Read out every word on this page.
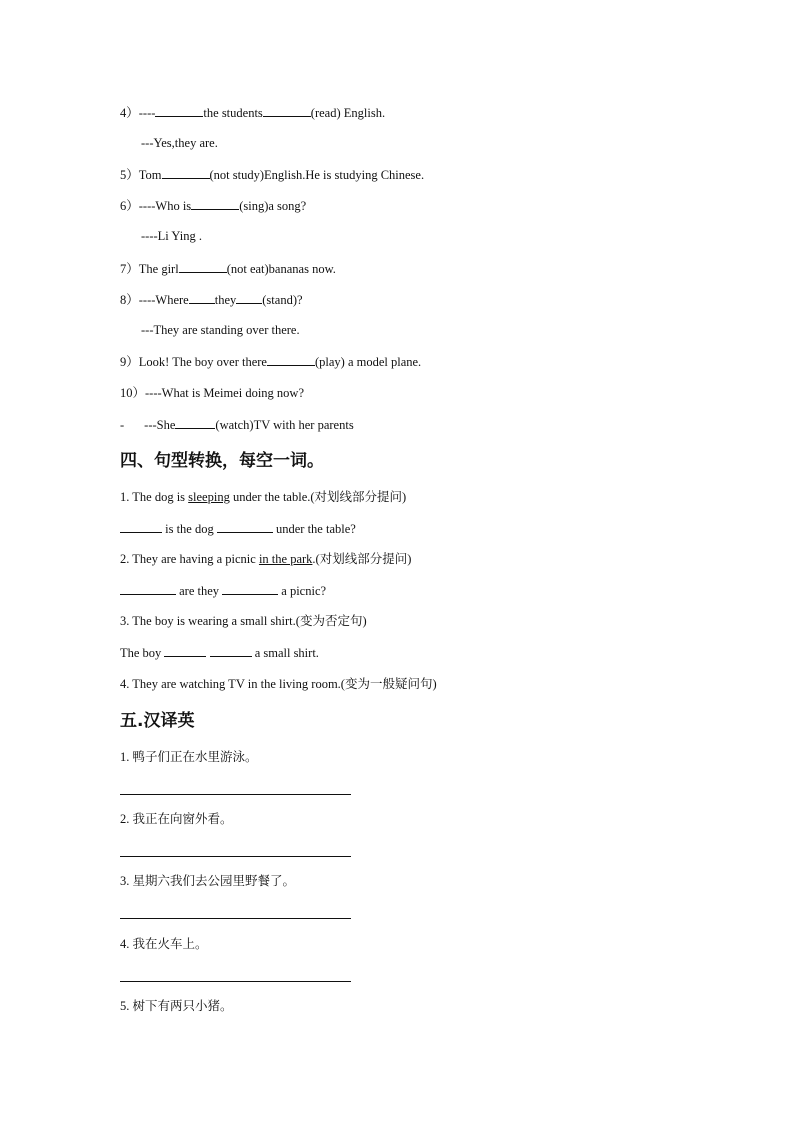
4）----	the students	(read) English.
---Yes,they are.
5）Tom	(not study)English.He is studying Chinese.
6）----Who is	(sing)a song?
----Li Ying .
7）The girl	(not eat)bananas now.
8）----Where they (stand)?
---They are standing over there.
9）Look! The boy over there	(play) a model plane.
10）----What is Meimei doing now?
- ---She	(watch)TV with her parents
四、句型转换，每空一词。
1. The dog is sleeping under the table.(对划线部分提问)
is the dog	under the table?
2. They are having a picnic in the park.(对划线部分提问)
are they	a picnic?
3. The boy is wearing a small shirt.(变为否定句)
The boy	a small shirt.
4. They are watching TV in the living room.(变为一般疑问句)
五.汉译英
1. 鸭子们正在水里游泳。
2. 我正在向窗外看。
3. 星期六我们去公园里野餐了。
4. 我在火车上。
5. 树下有两只小猪。
